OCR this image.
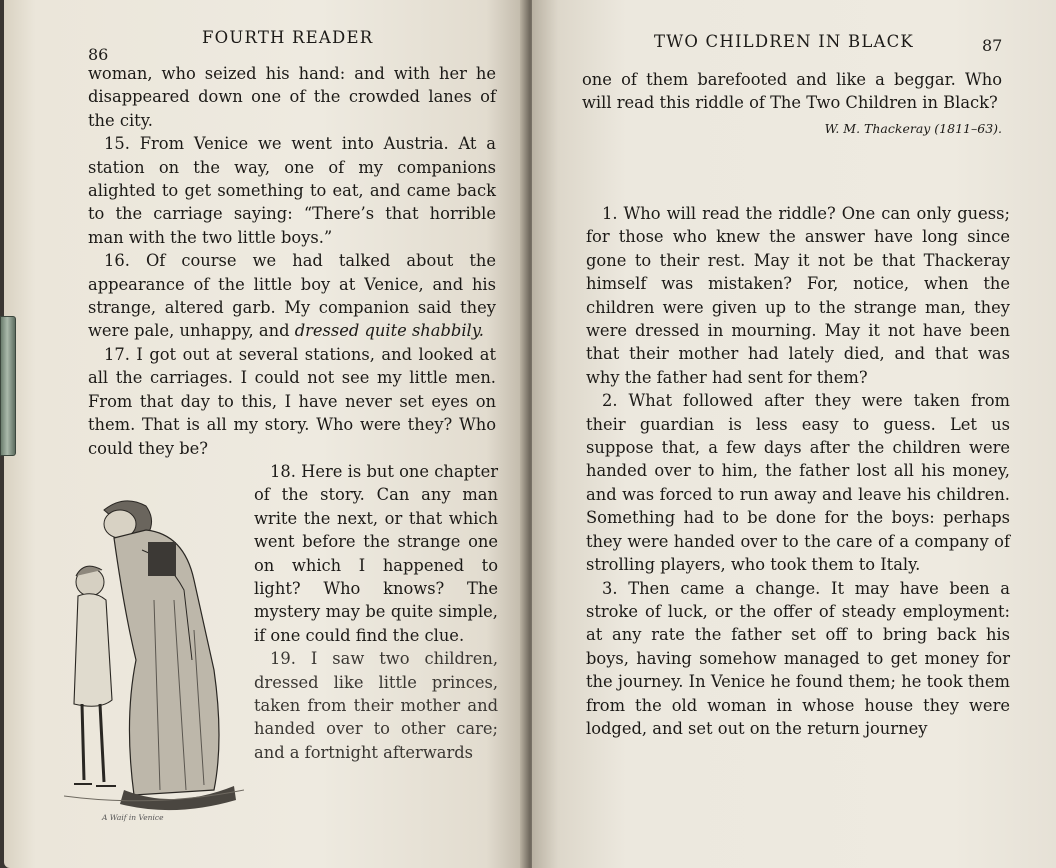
86
FOURTH READER

woman, who seized his hand: and with her he disappeared down one of the crowded lanes of the city.

15. From Venice we went into Austria. At a station on the way, one of my companions alighted to get something to eat, and came back to the carriage saying: “There’s that horrible man with the two little boys.”

16. Of course we had talked about the appearance of the little boy at Venice, and his strange, altered garb. My companion said they were pale, unhappy, and dressed quite shabbily.

17. I got out at several stations, and looked at all the carriages. I could not see my little men. From that day to this, I have never set eyes on them. That is all my story. Who were they? Who could they be?

18. Here is but one chapter of the story. Can any man write the next, or that which went before the strange one on which I happened to light? Who knows? The mystery may be quite simple, if one could find the clue.

19. I saw two children, dressed like little princes, taken from their mother and handed over to other care; and a fortnight afterwards

A Waif in Venice
TWO CHILDREN IN BLACK	87

one of them barefooted and like a beggar. Who will read this riddle of The Two Children in Black?

W. M. Thackeray (1811–63).

1. Who will read the riddle? One can only guess; for those who knew the answer have long since gone to their rest. May it not be that Thackeray himself was mistaken? For, notice, when the children were given up to the strange man, they were dressed in mourning. May it not have been that their mother had lately died, and that was why the father had sent for them?

2. What followed after they were taken from their guardian is less easy to guess. Let us suppose that, a few days after the children were handed over to him, the father lost all his money, and was forced to run away and leave his children. Something had to be done for the boys: perhaps they were handed over to the care of a company of strolling players, who took them to Italy.

3. Then came a change. It may have been a stroke of luck, or the offer of steady employment: at any rate the father set off to bring back his boys, having somehow managed to get money for the journey. In Venice he found them; he took them from the old woman in whose house they were lodged, and set out on the return journey
